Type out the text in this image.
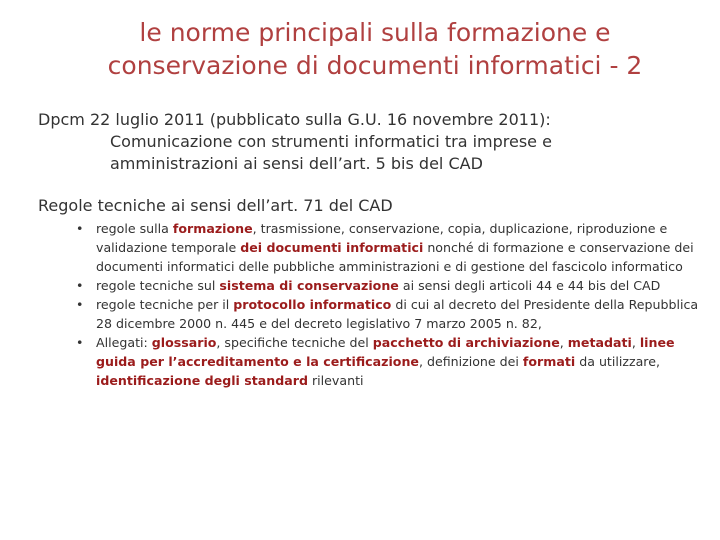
le norme principali sulla formazione e
conservazione di documenti informatici - 2
Dpcm 22 luglio 2011 (pubblicato sulla G.U. 16 novembre 2011):
Comunicazione con strumenti informatici tra imprese e
amministrazioni ai sensi dell’art. 5 bis del CAD
Regole tecniche ai sensi dell’art. 71 del CAD
• regole sulla formazione, trasmissione, conservazione, copia, duplicazione, riproduzione e validazione temporale dei documenti informatici nonché di formazione e conservazione dei documenti informatici delle pubbliche amministrazioni e di gestione del fascicolo informatico
• regole tecniche sul sistema di conservazione ai sensi degli articoli 44 e 44 bis del CAD
• regole tecniche per il protocollo informatico di cui al decreto del Presidente della Repubblica 28 dicembre 2000 n. 445 e del decreto legislativo 7 marzo 2005 n. 82,
• Allegati: glossario, specifiche tecniche del pacchetto di archiviazione, metadati, linee guida per l’accreditamento e la certificazione, definizione dei formati da utilizzare, identificazione degli standard rilevanti
